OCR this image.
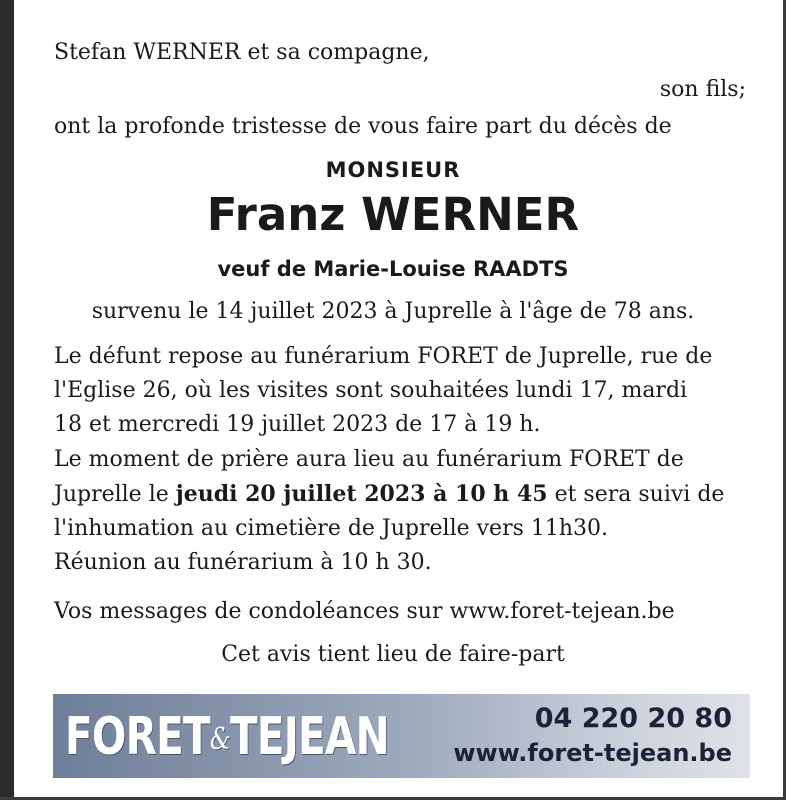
Stefan WERNER et sa compagne,
son fils;
ont la profonde tristesse de vous faire part du décès de
MONSIEUR
Franz WERNER
veuf de Marie-Louise RAADTS
survenu le 14 juillet 2023 à Juprelle à l'âge de 78 ans.
Le défunt repose au funérarium FORET de Juprelle, rue de
l'Eglise 26, où les visites sont souhaitées lundi 17, mardi
18 et mercredi 19 juillet 2023 de 17 à 19 h.
Le moment de prière aura lieu au funérarium FORET de
Juprelle le jeudi 20 juillet 2023 à 10 h 45 et sera suivi de
l'inhumation au cimetière de Juprelle vers 11h30.
Réunion au funérarium à 10 h 30.
Vos messages de condoléances sur www.foret-tejean.be
Cet avis tient lieu de faire-part
FORET&TEJEAN	04 220 20 80
www.foret-tejean.be
